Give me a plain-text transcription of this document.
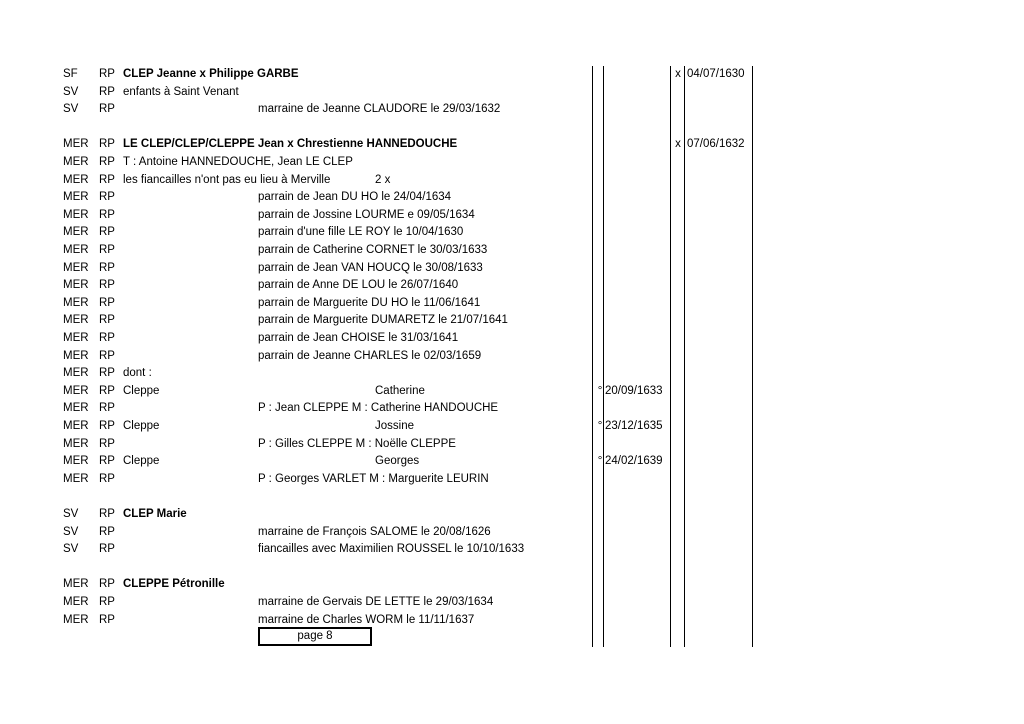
SF RP CLEP Jeanne x Philippe GARBE	x 04/07/1630
SV RP enfants à Saint Venant
SV RP	marraine de Jeanne CLAUDORE le 29/03/1632
MER RP LE CLEP/CLEP/CLEPPE Jean x Chrestienne HANNEDOUCHE	x 07/06/1632
MER RP T : Antoine HANNEDOUCHE, Jean LE CLEP
MER RP les fiancailles n'ont pas eu lieu à Merville	2 x
MER RP	parrain de Jean DU HO le 24/04/1634
MER RP	parrain de Jossine LOURME e 09/05/1634
MER RP	parrain d'une fille LE ROY le 10/04/1630
MER RP	parrain de Catherine CORNET le 30/03/1633
MER RP	parrain de Jean VAN HOUCQ le 30/08/1633
MER RP	parrain de Anne DE LOU le 26/07/1640
MER RP	parrain de Marguerite DU HO le 11/06/1641
MER RP	parrain de Marguerite DUMARETZ le 21/07/1641
MER RP	parrain de Jean CHOISE le 31/03/1641
MER RP	parrain de Jeanne CHARLES le 02/03/1659
MER RP dont :
MER RP Cleppe	Catherine	° 20/09/1633
MER RP	P : Jean CLEPPE M : Catherine HANDOUCHE
MER RP Cleppe	Jossine	° 23/12/1635
MER RP	P : Gilles CLEPPE M : Noëlle CLEPPE
MER RP Cleppe	Georges	° 24/02/1639
MER RP	P : Georges VARLET M : Marguerite LEURIN
SV RP CLEP Marie
SV RP	marraine de François SALOME le 20/08/1626
SV RP	fiancailles avec Maximilien ROUSSEL le 10/10/1633
MER RP CLEPPE Pétronille
MER RP	marraine de Gervais DE LETTE le 29/03/1634
MER RP	marraine de Charles WORM le 11/11/1637
page 8
